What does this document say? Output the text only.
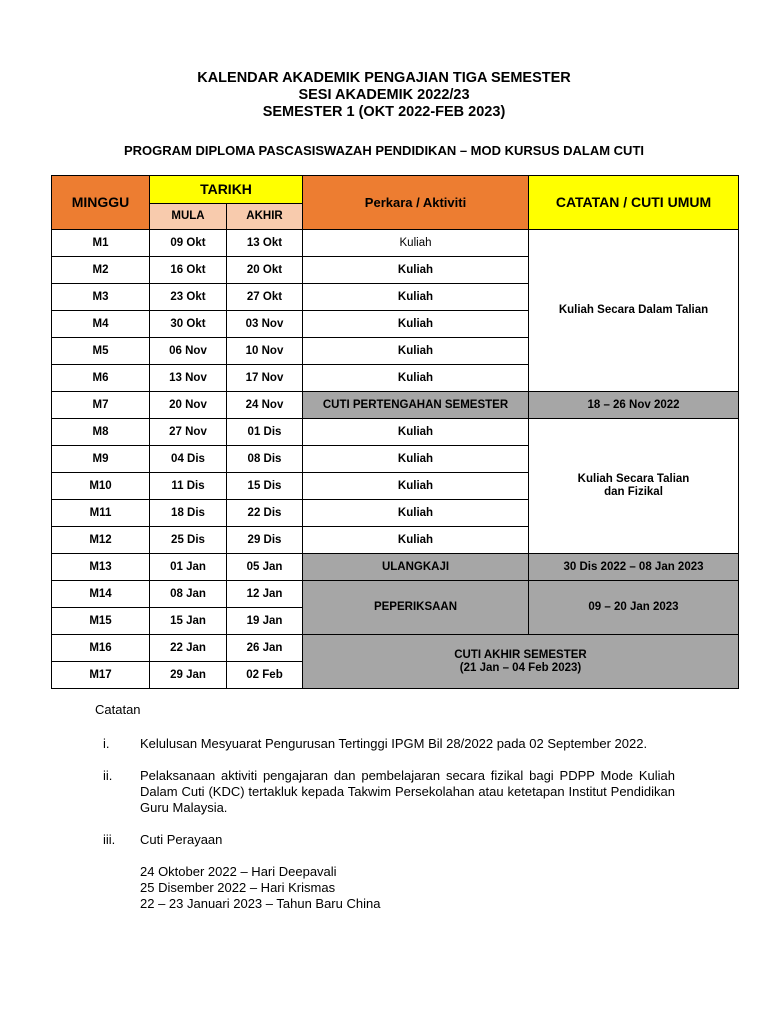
KALENDAR AKADEMIK PENGAJIAN TIGA SEMESTER
SESI AKADEMIK 2022/23
SEMESTER 1 (OKT 2022-FEB 2023)
PROGRAM DIPLOMA PASCASISWAZAH PENDIDIKAN – MOD KURSUS DALAM CUTI
MINGGU	TARIKH		Perkara / Aktiviti	CATATAN / CUTI UMUM
	MULA	AKHIR		
M1	09 Okt	13 Okt	Kuliah	Kuliah Secara Dalam Talian
M2	16 Okt	20 Okt	Kuliah	
M3	23 Okt	27 Okt	Kuliah	
M4	30 Okt	03 Nov	Kuliah	
M5	06 Nov	10 Nov	Kuliah	
M6	13 Nov	17 Nov	Kuliah	
M7	20 Nov	24 Nov	CUTI PERTENGAHAN SEMESTER	18 – 26 Nov 2022
M8	27 Nov	01 Dis	Kuliah	Kuliah Secara Talian
dan Fizikal

M9	04 Dis	08 Dis	Kuliah	
M10	11 Dis	15 Dis	Kuliah	
M11	18 Dis	22 Dis	Kuliah	
M12	25 Dis	29 Dis	Kuliah	
M13	01 Jan	05 Jan	ULANGKAJI	30 Dis 2022 – 08 Jan 2023
M14	08 Jan	12 Jan	PEPERIKSAAN	09 – 20 Jan 2023
M15	15 Jan	19 Jan		
M16	22 Jan	26 Jan	CUTI AKHIR SEMESTER
(21 Jan – 04 Feb 2023)	

M17	29 Jan	02 Feb		
Catatan
i.	Kelulusan Mesyuarat Pengurusan Tertinggi IPGM Bil 28/2022 pada 02 September 2022.
ii.	Pelaksanaan aktiviti pengajaran dan pembelajaran secara fizikal bagi PDPP Mode Kuliah Dalam Cuti (KDC) tertakluk kepada Takwim Persekolahan atau ketetapan Institut Pendidikan Guru Malaysia.
iii.	Cuti Perayaan
24 Oktober 2022 – Hari Deepavali
25 Disember 2022 – Hari Krismas
22 – 23 Januari 2023 – Tahun Baru China
